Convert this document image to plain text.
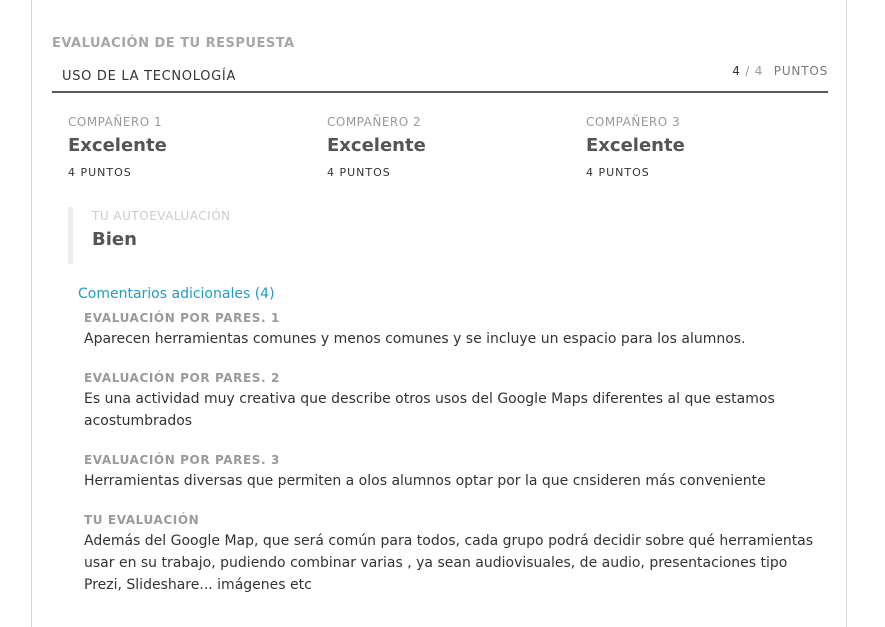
EVALUACIÓN DE TU RESPUESTA
USO DE LA TECNOLOGÍA	4 / 4 PUNTOS
COMPAÑERO 1
Excelente
4 PUNTOS
COMPAÑERO 2
Excelente
4 PUNTOS
COMPAÑERO 3
Excelente
4 PUNTOS
TU AUTOEVALUACIÓN
Bien
Comentarios adicionales (4)
EVALUACIÓN POR PARES. 1
Aparecen herramientas comunes y menos comunes y se incluye un espacio para los alumnos.
EVALUACIÓN POR PARES. 2
Es una actividad muy creativa que describe otros usos del Google Maps diferentes al que estamos acostumbrados
EVALUACIÓN POR PARES. 3
Herramientas diversas que permiten a olos alumnos optar por la que cnsideren más conveniente
TU EVALUACIÓN
Además del Google Map, que será común para todos, cada grupo podrá decidir sobre qué herramientas usar en su trabajo, pudiendo combinar varias , ya sean audiovisuales, de audio, presentaciones tipo Prezi, Slideshare... imágenes etc
